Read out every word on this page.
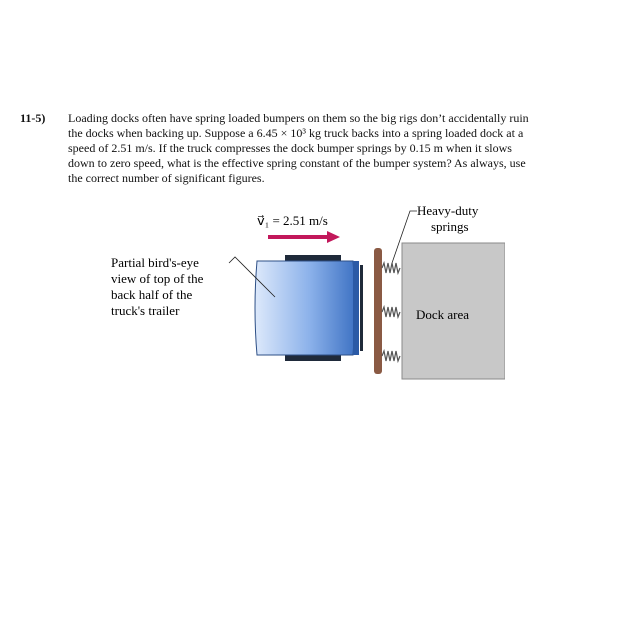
11-5) Loading docks often have spring loaded bumpers on them so the big rigs don’t accidentally ruin
the docks when backing up. Suppose a 6.45 × 10³ kg truck backs into a spring loaded dock at a
speed of 2.51 m/s. If the truck compresses the dock bumper springs by 0.15 m when it slows
down to zero speed, what is the effective spring constant of the bumper system? As always, use
the correct number of significant figures.
v⃗₁ = 2.51 m/s
Dock area
Heavy-duty
springs
Partial bird's-eye
view of top of the
back half of the
truck's trailer
